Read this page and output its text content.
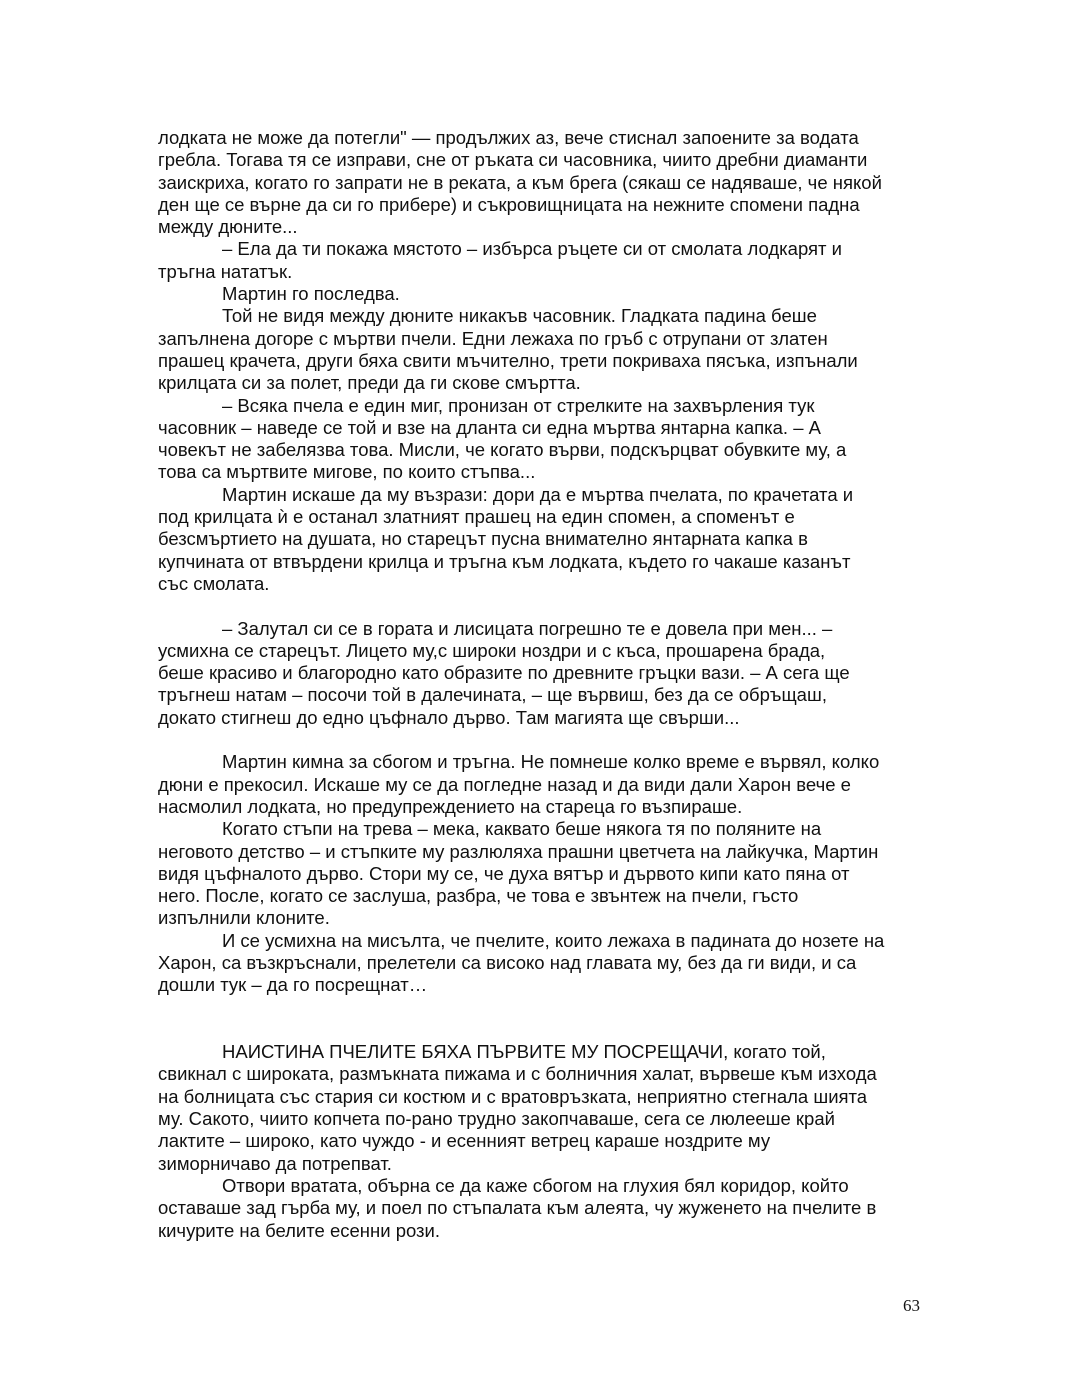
лодката не може да потегли" — продължих аз, вече стиснал запоените за водата
гребла. Тогава тя се изправи, сне от ръката си часовника, чиито дребни диаманти
заискриха, когато го запрати не в реката, а към брега (сякаш се надяваше, че някой
ден ще се върне да си го прибере) и съкровищницата на нежните спомени падна
между дюните...
– Ела да ти покажа мястото – избърса ръцете си от смолата лодкарят и
тръгна нататък.
Мартин го последва.
Той не видя между дюните никакъв часовник. Гладката падина беше
запълнена догоре с мъртви пчели. Едни лежаха по гръб с отрупани от златен
прашец крачета, други бяха свити мъчително, трети покриваха пясъка, изпънали
крилцата си за полет, преди да ги скове смъртта.
– Всяка пчела е един миг, пронизан от стрелките на захвърления тук
часовник – наведе се той и взе на дланта си една мъртва янтарна капка. – А
човекът не забелязва това. Мисли, че когато върви, подскърцват обувките му, а
това са мъртвите мигове, по които стъпва...
Мартин искаше да му възрази: дори да е мъртва пчелата, по крачетата и
под крилцата ѝ е останал златният прашец на един спомен, а споменът е
безсмъртието на душата, но старецът пусна внимателно янтарната капка в
купчината от втвърдени крилца и тръгна към лодката, където го чакаше казанът
със смолата.
– Залутал си се в гората и лисицата погрешно те е довела при мен... –
усмихна се старецът. Лицето му,с широки ноздри и с къса, прошарена брада,
беше красиво и благородно като образите по древните гръцки вази. – А сега ще
тръгнеш натам – посочи той в далечината, – ще вървиш, без да се обръщаш,
докато стигнеш до едно цъфнало дърво. Там магията ще свърши...
Мартин кимна за сбогом и тръгна. Не помнеше колко време е вървял, колко
дюни е прекосил. Искаше му се да погледне назад и да види дали Харон вече е
насмолил лодката, но предупреждението на стареца го възпираше.
Когато стъпи на трева – мека, каквато беше някога тя по поляните на
неговото детство – и стъпките му разлюляха прашни цветчета на лайкучка, Мартин
видя цъфналото дърво. Стори му се, че духа вятър и дървото кипи като пяна от
него. После, когато се заслуша, разбра, че това е звънтеж на пчели, гъсто
изпълнили клоните.
И се усмихна на мисълта, че пчелите, които лежаха в падината до нозете на
Харон, са възкръснали, прелетели са високо над главата му, без да ги види, и са
дошли тук – да го посрещнат…
НАИСТИНА ПЧЕЛИТЕ БЯХА ПЪРВИТЕ МУ ПОСРЕЩАЧИ, когато той,
свикнал с широката, размъкната пижама и с болничния халат, вървеше към изхода
на болницата със стария си костюм и с вратовръзката, неприятно стегнала шията
му. Сакото, чиито копчета по-рано трудно закопчаваше, сега се люлееше край
лактите – широко, като чуждо - и есенният ветрец караше ноздрите му
зиморничаво да потрепват.
Отвори вратата, обърна се да каже сбогом на глухия бял коридор, който
оставаше зад гърба му, и поел по стъпалата към алеята, чу жуженето на пчелите в
кичурите на белите есенни рози.
63
